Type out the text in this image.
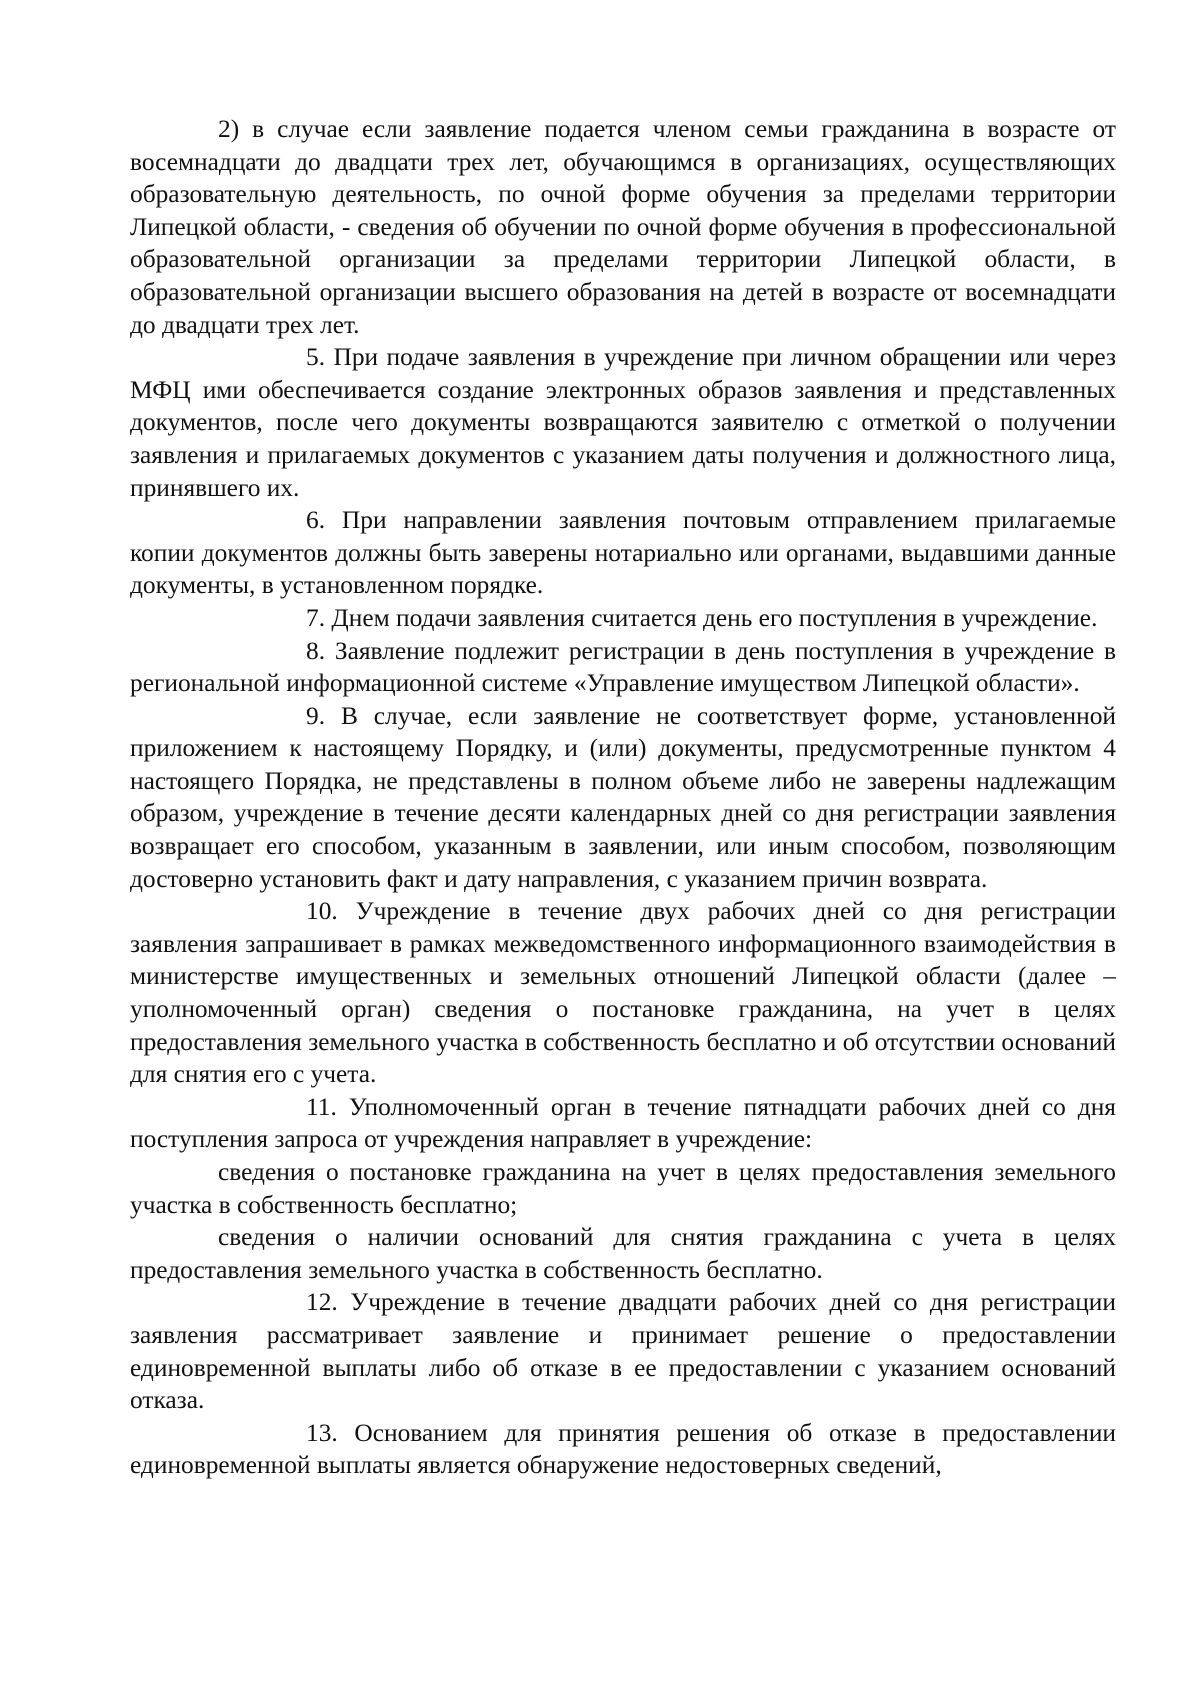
2) в случае если заявление подается членом семьи гражданина в возрасте от восемнадцати до двадцати трех лет, обучающимся в организациях, осуществляющих образовательную деятельность, по очной форме обучения за пределами территории Липецкой области, - сведения об обучении по очной форме обучения в профессиональной образовательной организации за пределами территории Липецкой области, в образовательной организации высшего образования на детей в возрасте от восемнадцати до двадцати трех лет.

5. При подаче заявления в учреждение при личном обращении или через МФЦ ими обеспечивается создание электронных образов заявления и представленных документов, после чего документы возвращаются заявителю с отметкой о получении заявления и прилагаемых документов с указанием даты получения и должностного лица, принявшего их.

6. При направлении заявления почтовым отправлением прилагаемые копии документов должны быть заверены нотариально или органами, выдавшими данные документы, в установленном порядке.

7. Днем подачи заявления считается день его поступления в учреждение.

8. Заявление подлежит регистрации в день поступления в учреждение в региональной информационной системе «Управление имуществом Липецкой области».

9. В случае, если заявление не соответствует форме, установленной приложением к настоящему Порядку, и (или) документы, предусмотренные пунктом 4 настоящего Порядка, не представлены в полном объеме либо не заверены надлежащим образом, учреждение в течение десяти календарных дней со дня регистрации заявления возвращает его способом, указанным в заявлении, или иным способом, позволяющим достоверно установить факт и дату направления, с указанием причин возврата.

10. Учреждение в течение двух рабочих дней со дня регистрации заявления запрашивает в рамках межведомственного информационного взаимодействия в министерстве имущественных и земельных отношений Липецкой области (далее – уполномоченный орган) сведения о постановке гражданина, на учет в целях предоставления земельного участка в собственность бесплатно и об отсутствии оснований для снятия его с учета.

11. Уполномоченный орган в течение пятнадцати рабочих дней со дня поступления запроса от учреждения направляет в учреждение:

сведения о постановке гражданина на учет в целях предоставления земельного участка в собственность бесплатно;

сведения о наличии оснований для снятия гражданина с учета в целях предоставления земельного участка в собственность бесплатно.

12. Учреждение в течение двадцати рабочих дней со дня регистрации заявления рассматривает заявление и принимает решение о предоставлении единовременной выплаты либо об отказе в ее предоставлении с указанием оснований отказа.

13. Основанием для принятия решения об отказе в предоставлении единовременной выплаты является обнаружение недостоверных сведений,
